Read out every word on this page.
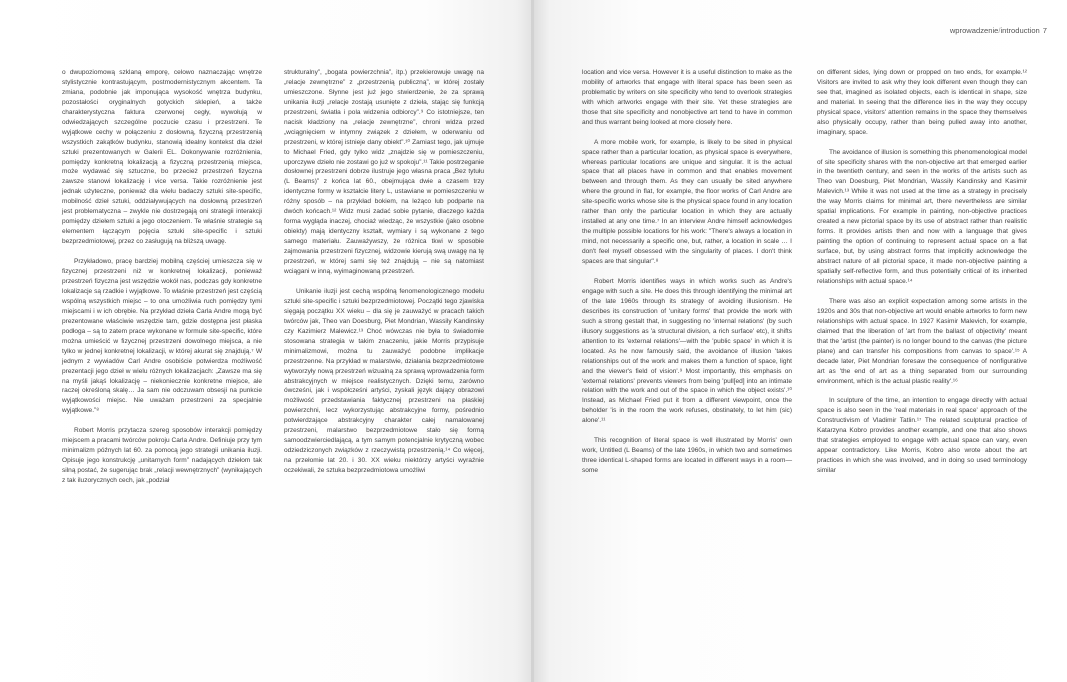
o dwupoziomową szklaną emporę, celowo naznaczając wnętrze stylistycznie kontrastującym, postmodernistycznym akcentem. Ta zmiana, podobnie jak imponująca wysokość wnętrza budynku, pozostałości oryginalnych gotyckich sklepień, a także charakterystyczna faktura czerwonej cegły, wywołują w odwiedzających szczególne poczucie czasu i przestrzeni. Te wyjątkowe cechy w połączeniu z dosłowną, fizyczną przestrzenią wszystkich zakątków budynku, stanowią idealny kontekst dla dzieł sztuki prezentowanych w Galerii EL. Dokonywanie rozróżnienia, pomiędzy konkretną lokalizacją a fizyczną przestrzenią miejsca, może wydawać się sztuczne, bo przecież przestrzeń fizyczna zawsze stanowi lokalizację i vice versa. Takie rozróżnienie jest jednak użyteczne, ponieważ dla wielu badaczy sztuki site-specific, mobilność dzieł sztuki, oddziaływujących na dosłowną przestrzeń jest problematyczna – zwykle nie dostrzegają oni strategii interakcji pomiędzy dziełem sztuki a jego otoczeniem. Te właśnie strategie są elementem łączącym pojęcia sztuki site-specific i sztuki bezprzedmiotowej, przez co zasługują na bliższą uwagę.

Przykładowo, pracę bardziej mobilną częściej umieszcza się w fizycznej przestrzeni niż w konkretnej lokalizacji, ponieważ przestrzeń fizyczna jest wszędzie wokół nas, podczas gdy konkretne lokalizacje są rzadkie i wyjątkowe. To właśnie przestrzeń jest częścią wspólną wszystkich miejsc – to ona umożliwia ruch pomiędzy tymi miejscami i w ich obrębie. Na przykład dzieła Carla Andre mogą być prezentowane właściwie wszędzie tam, gdzie dostępna jest płaska podłoga – są to zatem prace wykonane w formule site-specific, które można umieścić w fizycznej przestrzeni dowolnego miejsca, a nie tylko w jednej konkretnej lokalizacji, w której akurat się znajdują.⁷ W jednym z wywiadów Carl Andre osobiście potwierdza możliwość prezentacji jego dzieł w wielu różnych lokalizacjach: „Zawsze ma się na myśli jakąś lokalizację – niekoniecznie konkretne miejsce, ale raczej określoną skalę… Ja sam nie odczuwam obsesji na punkcie wyjątkowości miejsc. Nie uważam przestrzeni za specjalnie wyjątkowe.”⁸

Robert Morris przytacza szereg sposobów interakcji pomiędzy miejscem a pracami twórców pokroju Carla Andre. Definiuje przy tym minimalizm późnych lat 60. za pomocą jego strategii unikania iluzji. Opisuje jego konstrukcję „unitarnych form” nadających dziełom tak silną postać, że sugerując brak „relacji wewnętrznych” (wynikających z tak iluzorycznych cech, jak „podział

strukturalny”, „bogata powierzchnia”, itp.) przekierowuje uwagę na „relacje zewnętrzne” z „przestrzenią publiczną”, w której zostały umieszczone. Słynne jest już jego stwierdzenie, że za sprawą unikania iluzji „relacje zostają usunięte z dzieła, stając się funkcją przestrzeni, światła i pola widzenia odbiorcy”.⁹ Co istotniejsze, ten nacisk kładziony na „relacje zewnętrzne”, chroni widza przed „wciągnięciem w intymny związek z dziełem, w oderwaniu od przestrzeni, w której istnieje dany obiekt”.¹⁰ Zamiast tego, jak ujmuje to Michael Fried, gdy tylko widz „znajdzie się w pomieszczeniu, uporczywe dzieło nie zostawi go już w spokoju”.¹¹ Takie postrzeganie dosłownej przestrzeni dobrze ilustruje jego własna praca „Bez tytułu (L Beams)” z końca lat 60., obejmująca dwie a czasem trzy identyczne formy w kształcie litery L, ustawiane w pomieszczeniu w różny sposób – na przykład bokiem, na leżąco lub podparte na dwóch końcach.¹² Widz musi zadać sobie pytanie, dlaczego każda forma wygląda inaczej, chociaż wiedząc, że wszystkie (jako osobne obiekty) mają identyczny kształt, wymiary i są wykonane z tego samego materiału. Zauważywszy, że różnica tkwi w sposobie zajmowania przestrzeni fizycznej, widzowie kierują swą uwagę na tę przestrzeń, w której sami się też znajdują – nie są natomiast wciągani w inną, wyimaginowaną przestrzeń.

Unikanie iluzji jest cechą wspólną fenomenologicznego modelu sztuki site-specific i sztuki bezprzedmiotowej. Początki tego zjawiska sięgają początku XX wieku – dla się je zauważyć w pracach takich twórców jak, Theo van Doesburg, Piet Mondrian, Wassily Kandinsky czy Kazimierz Malewicz.¹³ Choć wówczas nie była to świadomie stosowana strategia w takim znaczeniu, jakie Morris przypisuje minimalizmowi, można tu zauważyć podobne implikacje przestrzenne. Na przykład w malarstwie, działania bezprzedmiotowe wytworzyły nową przestrzeń wizualną za sprawą wprowadzenia form abstrakcyjnych w miejsce realistycznych. Dzięki temu, zarówno ówcześni, jak i współcześni artyści, zyskali język dający obrazowi możliwość przedstawiania faktycznej przestrzeni na płaskiej powierzchni, lecz wykorzystując abstrakcyjne formy, pośrednio potwierdzające abstrakcyjny charakter całej namalowanej przestrzeni, malarstwo bezprzedmiotowe stało się formą samoodzwierciedlającą, a tym samym potencjalnie krytyczną wobec odziedziczonych związków z rzeczywistą przestrzenią.¹⁴ Co więcej, na przełomie lat 20. i 30. XX wieku niektórzy artyści wyraźnie oczekiwali, że sztuka bezprzedmiotowa umożliwi

wprowadzenie/introduction 7

location and vice versa. However it is a useful distinction to make as the mobility of artworks that engage with literal space has been seen as problematic by writers on site specificity who tend to overlook strategies with which artworks engage with their site. Yet these strategies are those that site specificity and nonobjective art tend to have in common and thus warrant being looked at more closely here.

A more mobile work, for example, is likely to be sited in physical space rather than a particular location, as physical space is everywhere, whereas particular locations are unique and singular. It is the actual space that all places have in common and that enables movement between and through them. As they can usually be sited anywhere where the ground in flat, for example, the floor works of Carl Andre are site-specific works whose site is the physical space found in any location rather than only the particular location in which they are actually installed at any one time.⁷ In an interview Andre himself acknowledges the multiple possible locations for his work: "There's always a location in mind, not necessarily a specific one, but, rather, a location in scale … I don't feel myself obsessed with the singularity of places. I don't think spaces are that singular".⁸

Robert Morris identifies ways in which works such as Andre's engage with such a site. He does this through identifying the minimal art of the late 1960s through its strategy of avoiding illusionism. He describes its construction of 'unitary forms' that provide the work with such a strong gestalt that, in suggesting no 'internal relations' (by such illusory suggestions as 'a structural division, a rich surface' etc), it shifts attention to its 'external relations'—with the 'public space' in which it is located. As he now famously said, the avoidance of illusion 'takes relationships out of the work and makes them a function of space, light and the viewer's field of vision'.⁹ Most importantly, this emphasis on 'external relations' prevents viewers from being 'pull[ed] into an intimate relation with the work and out of the space in which the object exists'.¹⁰ Instead, as Michael Fried put it from a different viewpoint, once the beholder 'is in the room the work refuses, obstinately, to let him (sic) alone'.¹¹

This recognition of literal space is well illustrated by Morris' own work, Untitled (L Beams) of the late 1960s, in which two and sometimes three identical L-shaped forms are located in different ways in a room—some

on different sides, lying down or propped on two ends, for example.¹² Visitors are invited to ask why they look different even though they can see that, imagined as isolated objects, each is identical in shape, size and material. In seeing that the difference lies in the way they occupy physical space, visitors' attention remains in the space they themselves also physically occupy, rather than being pulled away into another, imaginary, space.

The avoidance of illusion is something this phenomenological model of site specificity shares with the non-objective art that emerged earlier in the twentieth century, and seen in the works of the artists such as Theo van Doesburg, Piet Mondrian, Wassily Kandinsky and Kasimir Malevich.¹³ While it was not used at the time as a strategy in precisely the way Morris claims for minimal art, there nevertheless are similar spatial implications. For example in painting, non-objective practices created a new pictorial space by its use of abstract rather than realistic forms. It provides artists then and now with a language that gives painting the option of continuing to represent actual space on a flat surface, but, by using abstract forms that implicitly acknowledge the abstract nature of all pictorial space, it made non-objective painting a spatially self-reflective form, and thus potentially critical of its inherited relationships with actual space.¹⁴

There was also an explicit expectation among some artists in the 1920s and 30s that non-objective art would enable artworks to form new relationships with actual space. In 1927 Kasimir Malevich, for example, claimed that the liberation of 'art from the ballast of objectivity' meant that the 'artist (the painter) is no longer bound to the canvas (the picture plane) and can transfer his compositions from canvas to space'.¹⁵ A decade later, Piet Mondrian foresaw the consequence of nonfigurative art as 'the end of art as a thing separated from our surrounding environment, which is the actual plastic reality'.¹⁶

In sculpture of the time, an intention to engage directly with actual space is also seen in the 'real materials in real space' approach of the Constructivism of Vladimir Tatlin.¹⁷ The related sculptural practice of Katarzyna Kobro provides another example, and one that also shows that strategies employed to engage with actual space can vary, even appear contradictory. Like Morris, Kobro also wrote about the art practices in which she was involved, and in doing so used terminology similar
